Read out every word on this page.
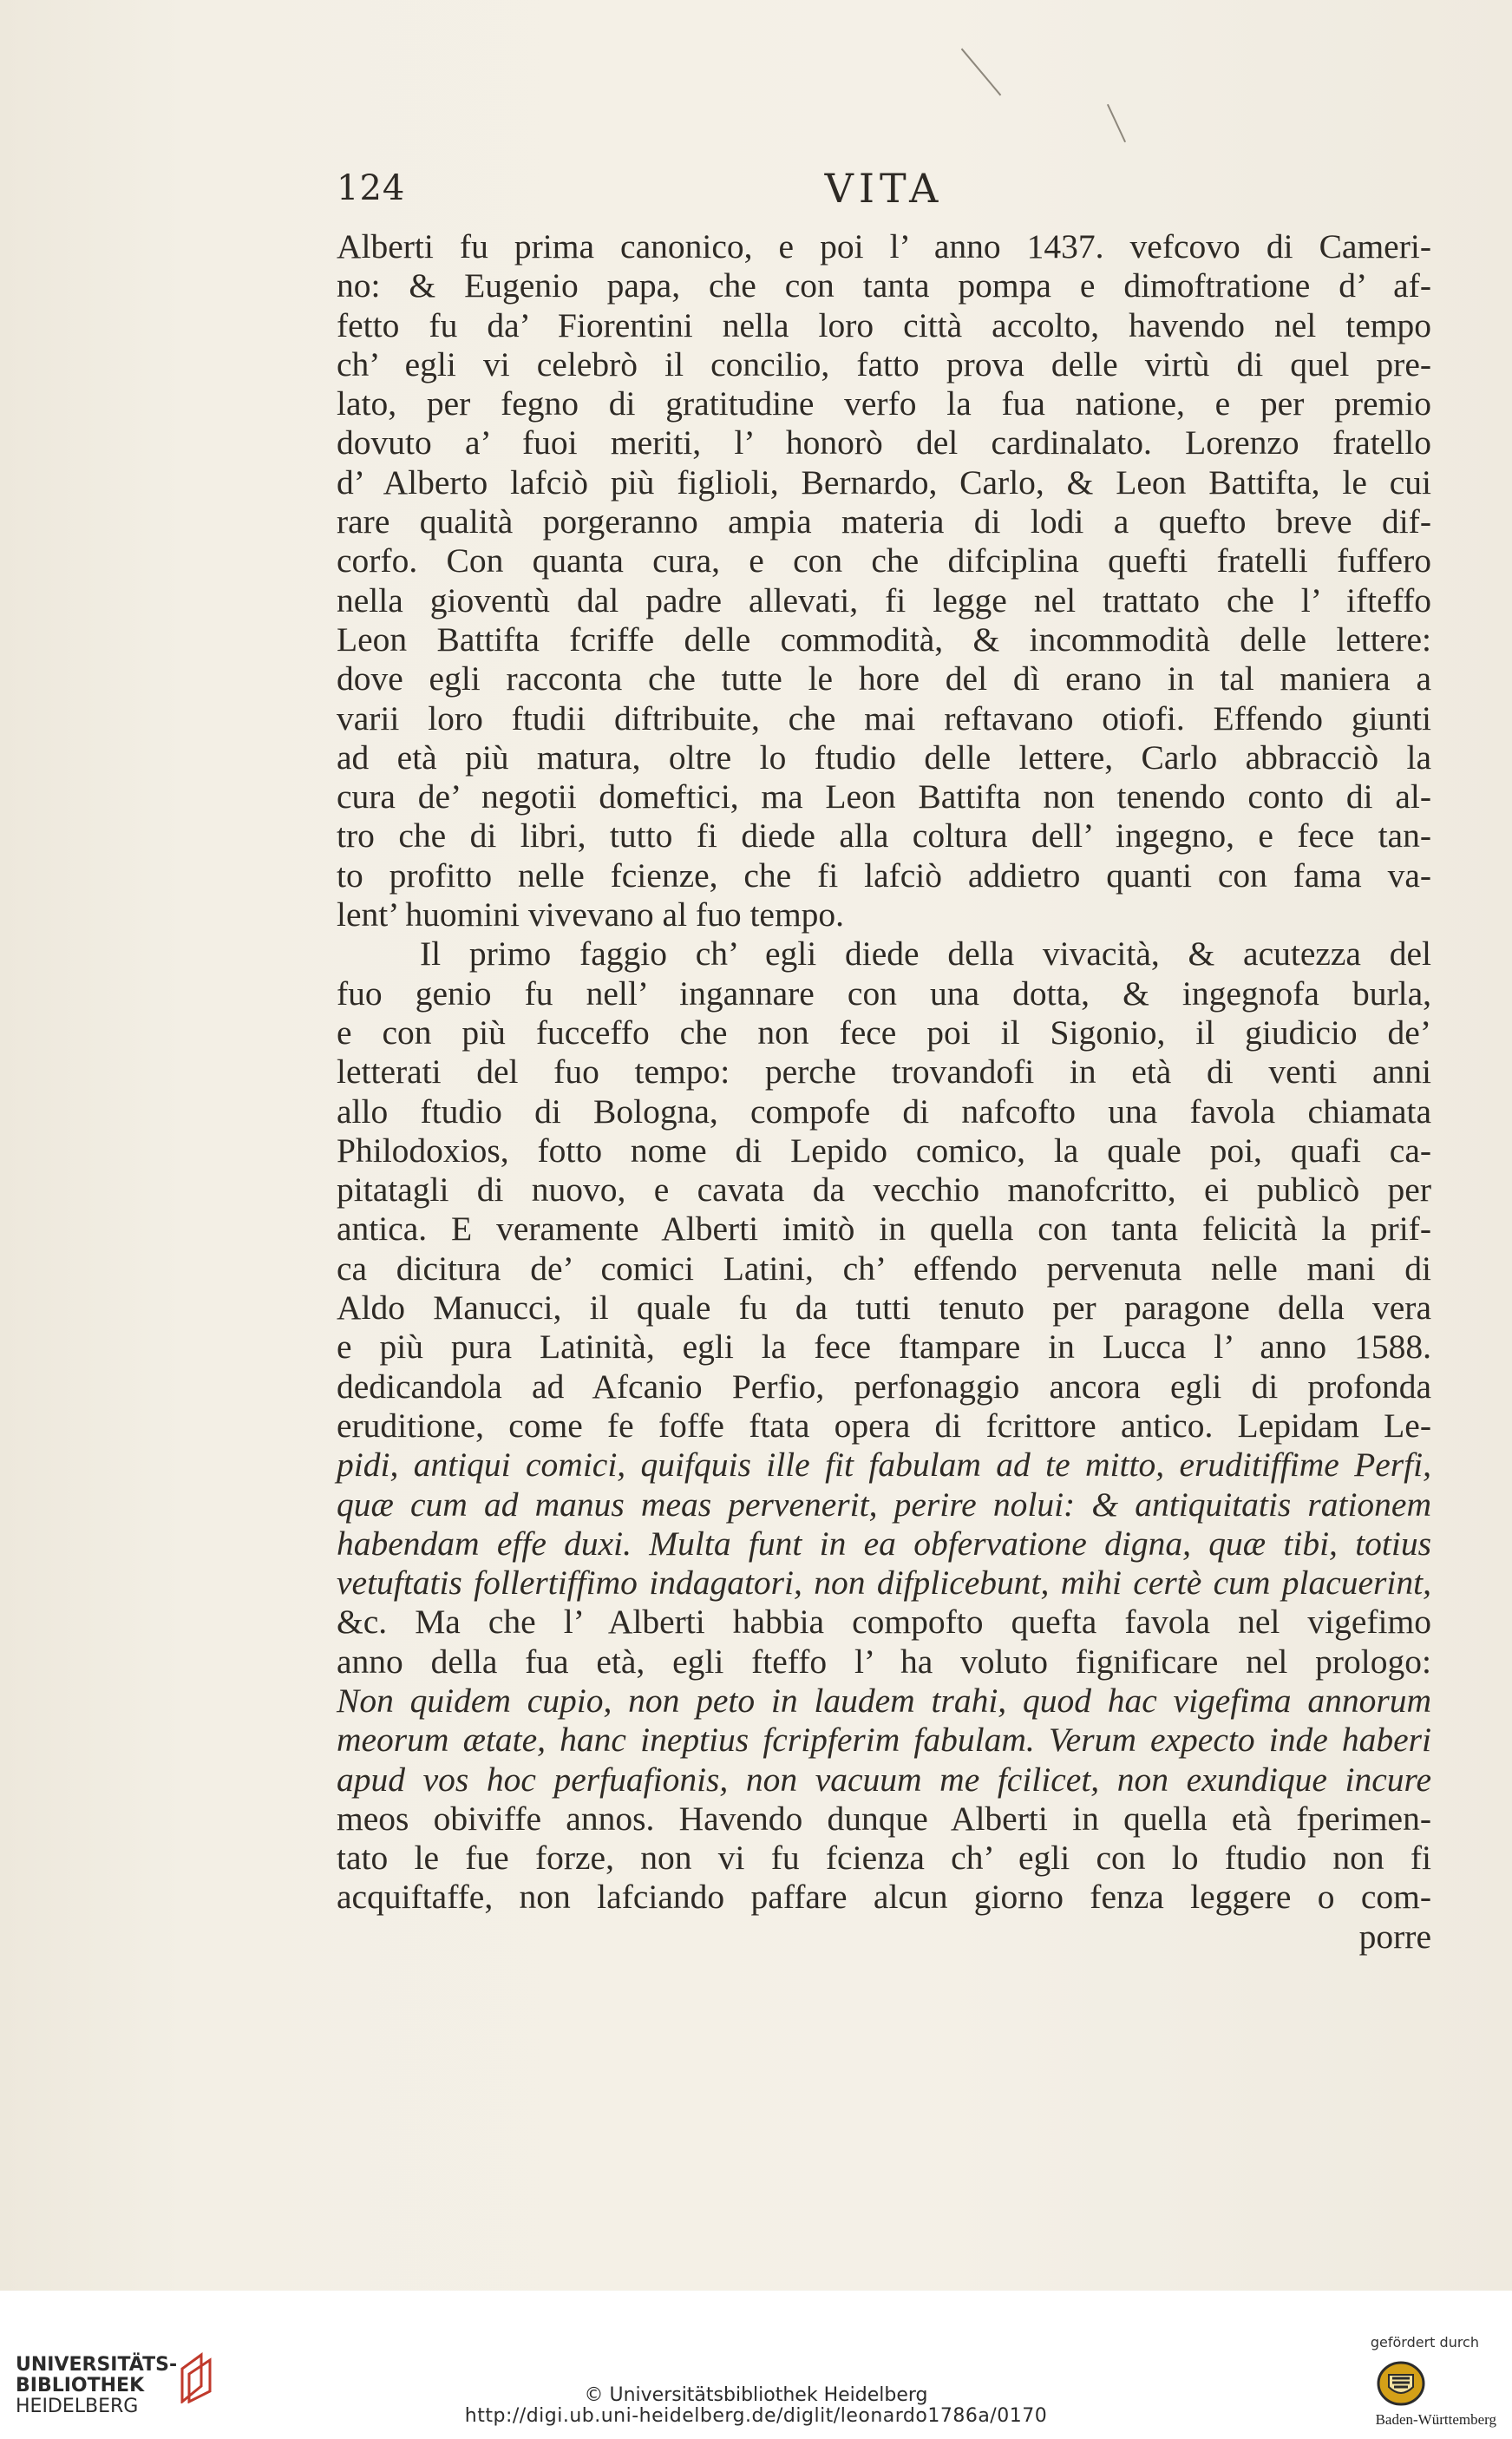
124	VITA
Alberti fu prima canonico, e poi l’ anno 1437. vefcovo di Cameri-
no: & Eugenio papa, che con tanta pompa e dimoftratione d’ af-
fetto fu da’ Fiorentini nella loro città accolto, havendo nel tempo
ch’ egli vi celebrò il concilio, fatto prova delle virtù di quel pre-
lato, per fegno di gratitudine verfo la fua natione, e per premio
dovuto a’ fuoi meriti, l’ honorò del cardinalato. Lorenzo fratello
d’ Alberto lafciò più figlioli, Bernardo, Carlo, & Leon Battifta, le cui
rare qualità porgeranno ampia materia di lodi a quefto breve dif-
corfo. Con quanta cura, e con che difciplina quefti fratelli fuffero
nella gioventù dal padre allevati, fi legge nel trattato che l’ ifteffo
Leon Battifta fcriffe delle commodità, & incommodità delle lettere:
dove egli racconta che tutte le hore del dì erano in tal maniera a
varii loro ftudii diftribuite, che mai reftavano otiofi. Effendo giunti
ad età più matura, oltre lo ftudio delle lettere, Carlo abbracciò la
cura de’ negotii domeftici, ma Leon Battifta non tenendo conto di al-
tro che di libri, tutto fi diede alla coltura dell’ ingegno, e fece tan-
to profitto nelle fcienze, che fi lafciò addietro quanti con fama va-
lent’ huomini vivevano al fuo tempo.
Il primo faggio ch’ egli diede della vivacità, & acutezza del
fuo genio fu nell’ ingannare con una dotta, & ingegnofa burla,
e con più fucceffo che non fece poi il Sigonio, il giudicio de’
letterati del fuo tempo: perche trovandofi in età di venti anni
allo ftudio di Bologna, compofe di nafcofto una favola chiamata
Philodoxios, fotto nome di Lepido comico, la quale poi, quafi ca-
pitatagli di nuovo, e cavata da vecchio manofcritto, ei publicò per
antica. E veramente Alberti imitò in quella con tanta felicità la prif-
ca dicitura de’ comici Latini, ch’ effendo pervenuta nelle mani di
Aldo Manucci, il quale fu da tutti tenuto per paragone della vera
e più pura Latinità, egli la fece ftampare in Lucca l’ anno 1588.
dedicandola ad Afcanio Perfio, perfonaggio ancora egli di profonda
eruditione, come fe foffe ftata opera di fcrittore antico. Lepidam Le-
pidi, antiqui comici, quifquis ille fit fabulam ad te mitto, eruditiffime Perfi,
quæ cum ad manus meas pervenerit, perire nolui: & antiquitatis rationem
habendam effe duxi. Multa funt in ea obfervatione digna, quæ tibi, totius
vetuftatis follertiffimo indagatori, non difplicebunt, mihi certè cum placuerint,
&c. Ma che l’ Alberti habbia compofto quefta favola nel vigefimo
anno della fua età, egli fteffo l’ ha voluto fignificare nel prologo:
Non quidem cupio, non peto in laudem trahi, quod hac vigefima annorum
meorum ætate, hanc ineptius fcripferim fabulam. Verum expecto inde haberi
apud vos hoc perfuafionis, non vacuum me fcilicet, non exundique incure
meos obiviffe annos. Havendo dunque Alberti in quella età fperimen-
tato le fue forze, non vi fu fcienza ch’ egli con lo ftudio non fi
acquiftaffe, non lafciando paffare alcun giorno fenza leggere o com-
porre
UNIVERSITÄTS-
BIBLIOTHEK
HEIDELBERG
© Universitätsbibliothek Heidelberg
http://digi.ub.uni-heidelberg.de/diglit/leonardo1786a/0170
gefördert durch
Baden-Württemberg
